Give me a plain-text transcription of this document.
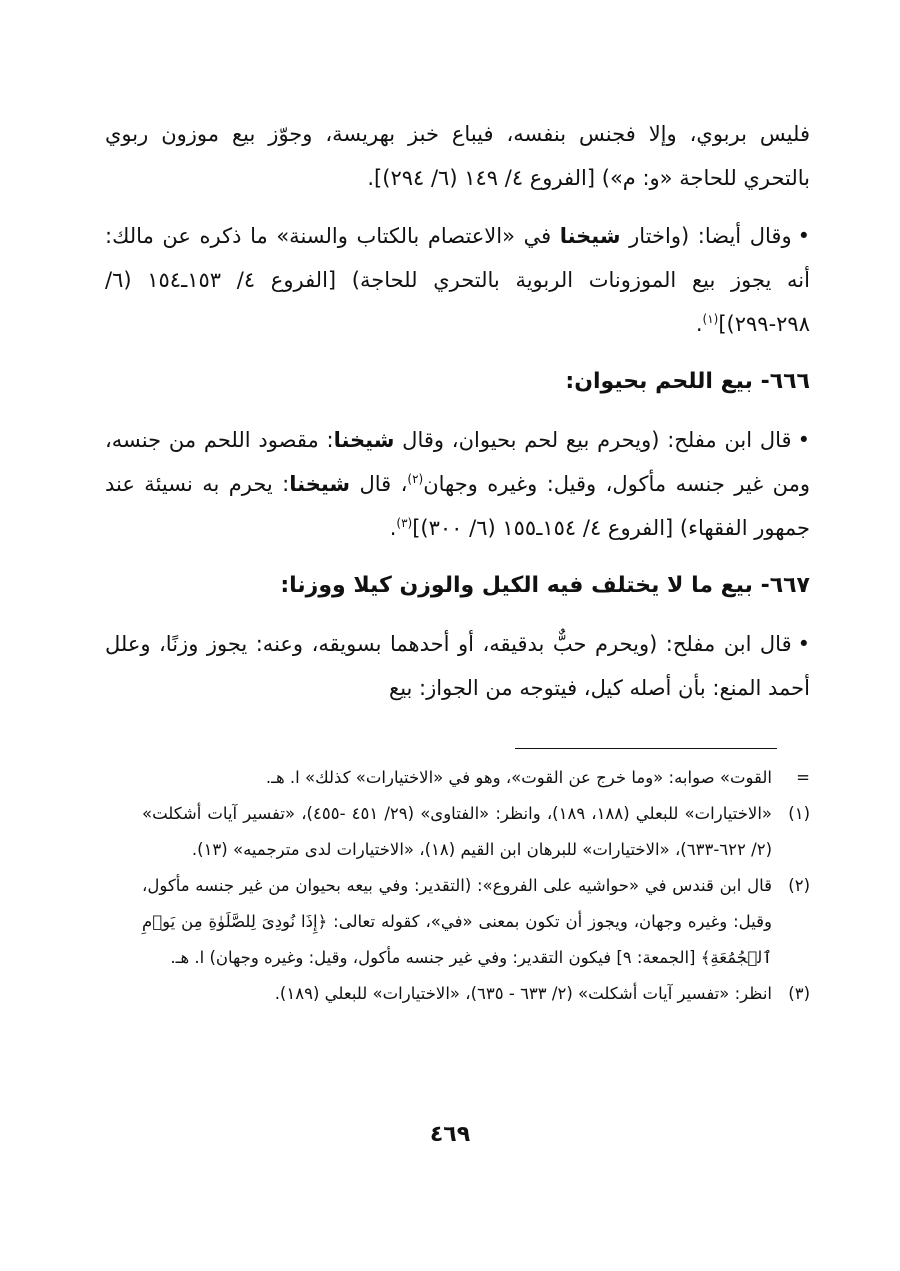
فليس بربوي، وإلا فجنس بنفسه، فيباع خبز بهريسة، وجوّز بيع موزون ربوي بالتحري للحاجة «و: م») [الفروع ٤/ ١٤٩ (٦/ ٢٩٤)].

•وقال أيضا: (واختار شيخنا في «الاعتصام بالكتاب والسنة» ما ذكره عن مالك: أنه يجوز بيع الموزونات الربوية بالتحري للحاجة) [الفروع ٤/ ١٥٣ـ١٥٤ (٦/ ٢٩٨-٢٩٩)]$^{(١)}$.

٦٦٦- بيع اللحم بحيوان:

•قال ابن مفلح: (ويحرم بيع لحم بحيوان، وقال شيخنا: مقصود اللحم من جنسه، ومن غير جنسه مأكول، وقيل: وغيره وجهان$^{(٢)}$، قال شيخنا: يحرم به نسيئة عند جمهور الفقهاء) [الفروع ٤/ ١٥٤ـ١٥٥ (٦/ ٣٠٠)]$^{(٣)}$.

٦٦٧- بيع ما لا يختلف فيه الكيل والوزن كيلا ووزنا:

•قال ابن مفلح: (ويحرم حبٌّ بدقيقه، أو أحدهما بسويقه، وعنه: يجوز وزنًا، وعلل أحمد المنع: بأن أصله كيل، فيتوجه من الجواز: بيع

=
القوت» صوابه: «وما خرج عن القوت»، وهو في «الاختيارات» كذلك» ا. هـ.
(١)
«الاختيارات» للبعلي (١٨٨، ١٨٩)، وانظر: «الفتاوى» (٢٩/ ٤٥١ -٤٥٥)، «تفسير آيات أشكلت» (٢/ ٦٢٢-٦٣٣)، «الاختيارات» للبرهان ابن القيم (١٨)، «الاختيارات لدى مترجميه» (١٣).
(٢)
قال ابن قندس في «حواشيه على الفروع»: (التقدير: وفي بيعه بحيوان من غير جنسه مأكول، وقيل: وغيره وجهان، ويجوز أن تكون بمعنى «في»، كقوله تعالى: ﴿إِذَا نُودِىَ لِلصَّلَوٰةِ مِن يَوۡمِ ٱلۡجُمُعَةِ﴾ [الجمعة: ٩] فيكون التقدير: وفي غير جنسه مأكول، وقيل: وغيره وجهان) ا. هـ.
(٣)
انظر: «تفسير آيات أشكلت» (٢/ ٦٣٣ - ٦٣٥)، «الاختيارات» للبعلي (١٨٩).
٤٦٩
